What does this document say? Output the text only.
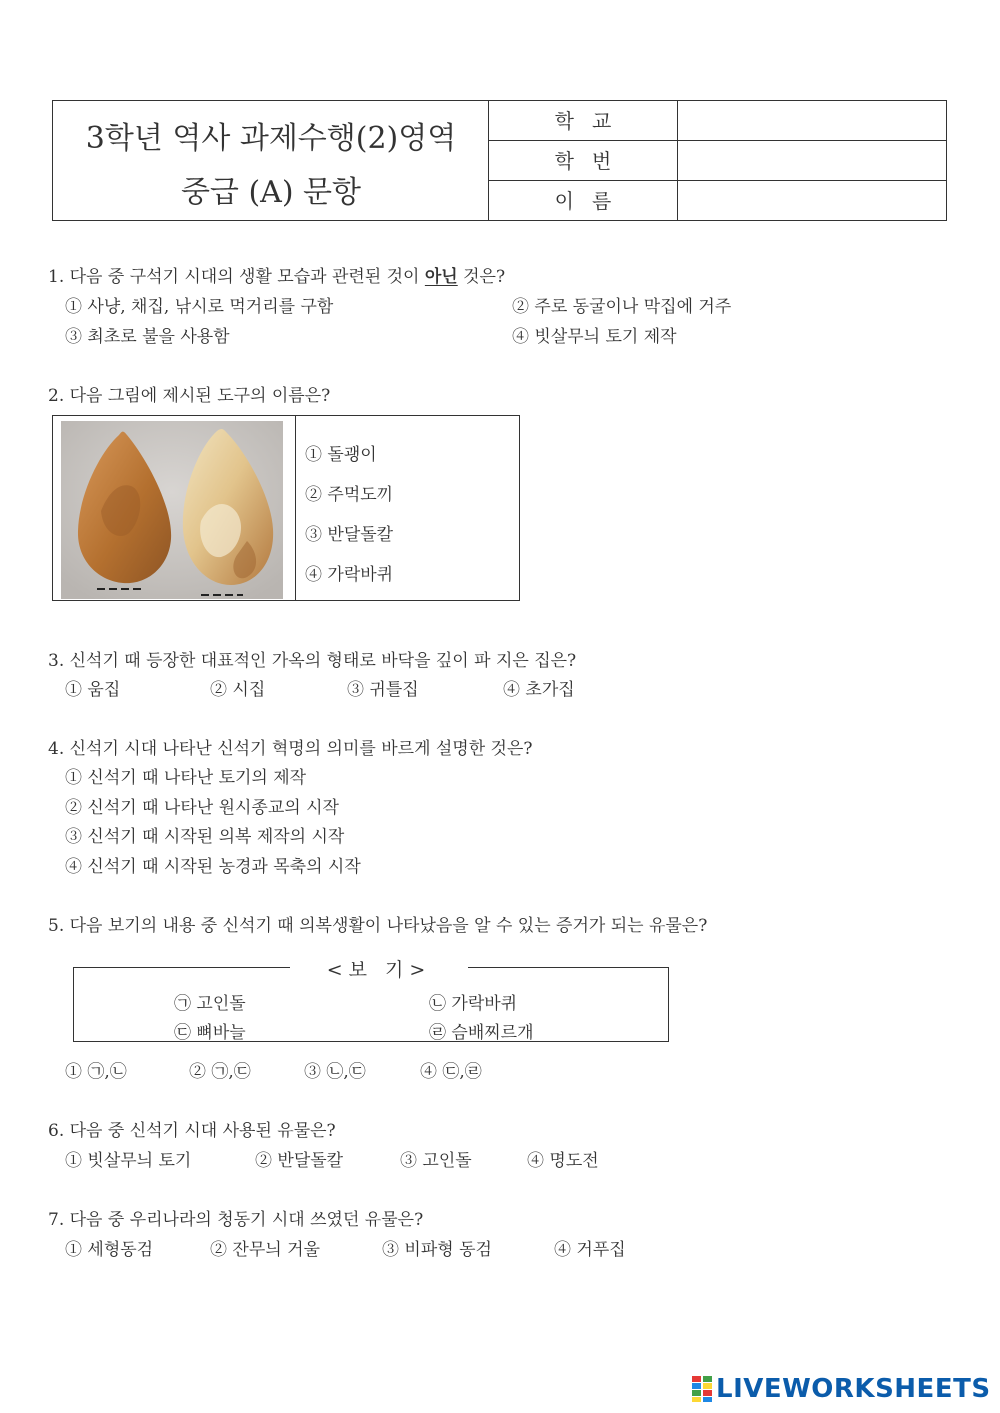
3학년 역사 과제수행(2)영역
중급 (A) 문항
학교
학번
이름
1. 다음 중 구석기 시대의 생활 모습과 관련된 것이 아닌 것은?
① 사냥, 채집, 낚시로 먹거리를 구함	② 주로 동굴이나 막집에 거주
③ 최초로 불을 사용함	④ 빗살무늬 토기 제작
2. 다음 그림에 제시된 도구의 이름은?
① 돌괭이
② 주먹도끼
③ 반달돌칼
④ 가락바퀴
3. 신석기 때 등장한 대표적인 가옥의 형태로 바닥을 깊이 파 지은 집은?
① 움집	② 시집	③ 귀틀집	④ 초가집
4. 신석기 시대 나타난 신석기 혁명의 의미를 바르게 설명한 것은?
① 신석기 때 나타난 토기의 제작
② 신석기 때 나타난 원시종교의 시작
③ 신석기 때 시작된 의복 제작의 시작
④ 신석기 때 시작된 농경과 목축의 시작
5. 다음 보기의 내용 중 신석기 때 의복생활이 나타났음을 알 수 있는 증거가 되는 유물은?
㉠ 고인돌	㉡ 가락바퀴
㉢ 뼈바늘	㉣ 슴배찌르개
<보 기>
① ㉠,㉡	② ㉠,㉢	③ ㉡,㉢	④ ㉢,㉣
6. 다음 중 신석기 시대 사용된 유물은?
① 빗살무늬 토기	② 반달돌칼	③ 고인돌	④ 명도전
7. 다음 중 우리나라의 청동기 시대 쓰였던 유물은?
① 세형동검	② 잔무늬 거울	③ 비파형 동검	④ 거푸집
LIVEWORKSHEETS
